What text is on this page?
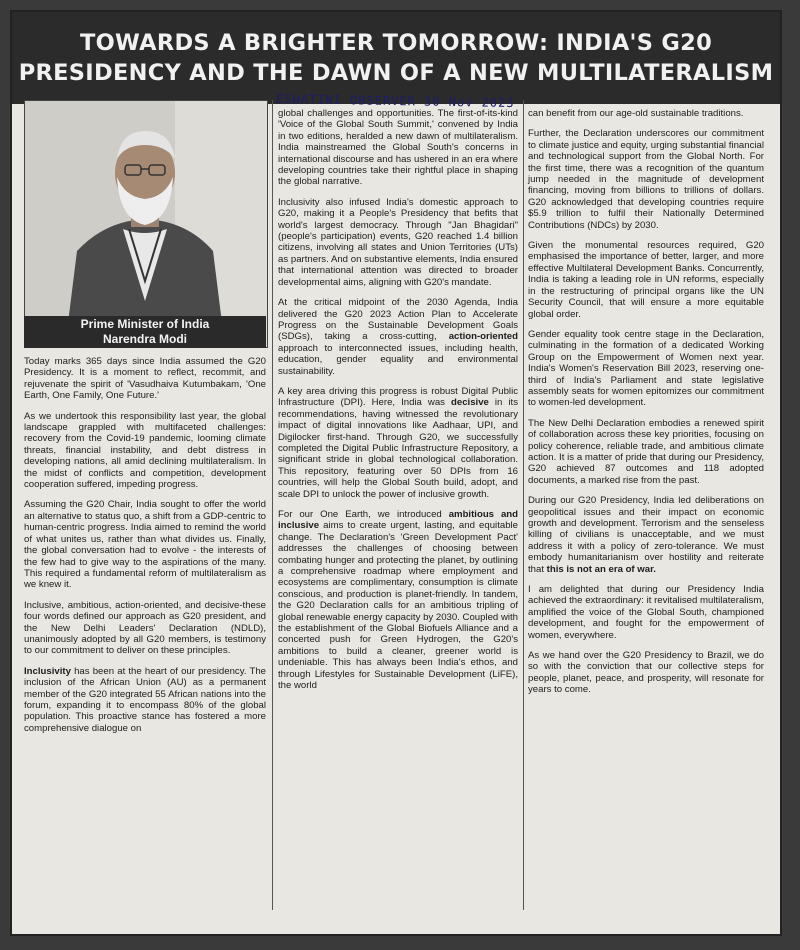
TOWARDS A BRIGHTER TOMORROW: INDIA'S G20
PRESIDENCY AND THE DAWN OF A NEW MULTILATERALISM
ESWATINI OBSERVER 30 Nov 2023
Prime Minister of India
Narendra Modi

Today marks 365 days since India assumed the G20 Presidency. It is a moment to reflect, recommit, and rejuvenate the spirit of 'Vasudhaiva Kutumbakam, 'One Earth, One Family, One Future.'

As we undertook this responsibility last year, the global landscape grappled with multifaceted challenges: recovery from the Covid-19 pandemic, looming climate threats, financial instability, and debt distress in developing nations, all amid declining multilateralism. In the midst of conflicts and competition, development cooperation suffered, impeding progress.

Assuming the G20 Chair, India sought to offer the world an alternative to status quo, a shift from a GDP-centric to human-centric progress. India aimed to remind the world of what unites us, rather than what divides us. Finally, the global conversation had to evolve - the interests of the few had to give way to the aspirations of the many. This required a fundamental reform of multilateralism as we knew it.

Inclusive, ambitious, action-oriented, and decisive-these four words defined our approach as G20 president, and the New Delhi Leaders' Declaration (NDLD), unanimously adopted by all G20 members, is testimony to our commitment to deliver on these principles.

Inclusivity has been at the heart of our presidency. The inclusion of the African Union (AU) as a permanent member of the G20 integrated 55 African nations into the forum, expanding it to encompass 80% of the global population. This proactive stance has fostered a more comprehensive dialogue on

global challenges and opportunities. The first-of-its-kind 'Voice of the Global South Summit,' convened by India in two editions, heralded a new dawn of multilateralism. India mainstreamed the Global South's concerns in international discourse and has ushered in an era where developing countries take their rightful place in shaping the global narrative.

Inclusivity also infused India's domestic approach to G20, making it a People's Presidency that befits that world's largest democracy. Through "Jan Bhagidari" (people's participation) events, G20 reached 1.4 billion citizens, involving all states and Union Territories (UTs) as partners. And on substantive elements, India ensured that international attention was directed to broader developmental aims, aligning with G20's mandate.

At the critical midpoint of the 2030 Agenda, India delivered the G20 2023 Action Plan to Accelerate Progress on the Sustainable Development Goals (SDGs), taking a cross-cutting, action-oriented approach to interconnected issues, including health, education, gender equality and environmental sustainability.

A key area driving this progress is robust Digital Public Infrastructure (DPI). Here, India was decisive in its recommendations, having witnessed the revolutionary impact of digital innovations like Aadhaar, UPI, and Digilocker first-hand. Through G20, we successfully completed the Digital Public Infrastructure Repository, a significant stride in global technological collaboration. This repository, featuring over 50 DPIs from 16 countries, will help the Global South build, adopt, and scale DPI to unlock the power of inclusive growth.

For our One Earth, we introduced ambitious and inclusive aims to create urgent, lasting, and equitable change. The Declaration's 'Green Development Pact' addresses the challenges of choosing between combating hunger and protecting the planet, by outlining a comprehensive roadmap where employment and ecosystems are complimentary, consumption is climate conscious, and production is planet-friendly. In tandem, the G20 Declaration calls for an ambitious tripling of global renewable energy capacity by 2030. Coupled with the establishment of the Global Biofuels Alliance and a concerted push for Green Hydrogen, the G20's ambitions to build a cleaner, greener world is undeniable. This has always been India's ethos, and through Lifestyles for Sustainable Development (LiFE), the world

can benefit from our age-old sustainable traditions.

Further, the Declaration underscores our commitment to climate justice and equity, urging substantial financial and technological support from the Global North. For the first time, there was a recognition of the quantum jump needed in the magnitude of development financing, moving from billions to trillions of dollars. G20 acknowledged that developing countries require $5.9 trillion to fulfil their Nationally Determined Contributions (NDCs) by 2030.

Given the monumental resources required, G20 emphasised the importance of better, larger, and more effective Multilateral Development Banks. Concurrently, India is taking a leading role in UN reforms, especially in the restructuring of principal organs like the UN Security Council, that will ensure a more equitable global order.

Gender equality took centre stage in the Declaration, culminating in the formation of a dedicated Working Group on the Empowerment of Women next year. India's Women's Reservation Bill 2023, reserving one-third of India's Parliament and state legislative assembly seats for women epitomizes our commitment to women-led development.

The New Delhi Declaration embodies a renewed spirit of collaboration across these key priorities, focusing on policy coherence, reliable trade, and ambitious climate action. It is a matter of pride that during our Presidency, G20 achieved 87 outcomes and 118 adopted documents, a marked rise from the past.

During our G20 Presidency, India led deliberations on geopolitical issues and their impact on economic growth and development. Terrorism and the senseless killing of civilians is unacceptable, and we must address it with a policy of zero-tolerance. We must embody humanitarianism over hostility and reiterate that this is not an era of war.

I am delighted that during our Presidency India achieved the extraordinary: it revitalised multilateralism, amplified the voice of the Global South, championed development, and fought for the empowerment of women, everywhere.

As we hand over the G20 Presidency to Brazil, we do so with the conviction that our collective steps for people, planet, peace, and prosperity, will resonate for years to come.
